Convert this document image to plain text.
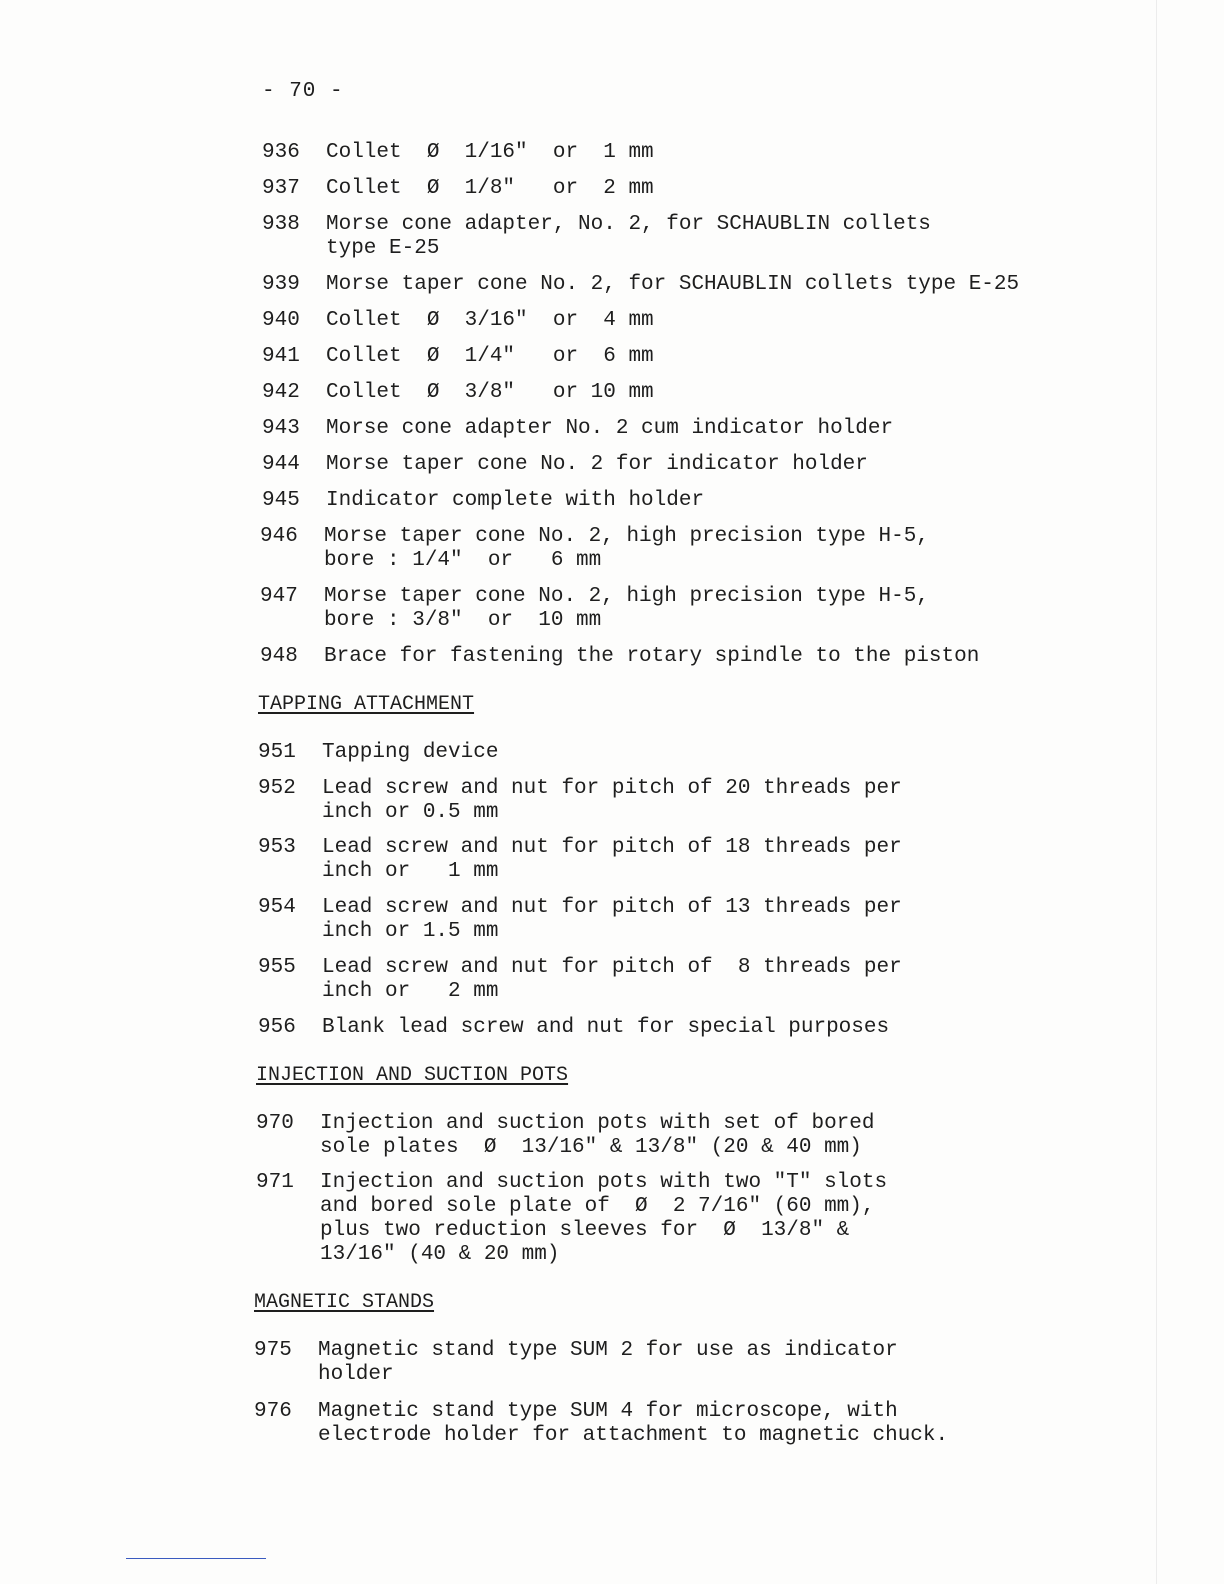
- 70 -
936	Collet  Ø  1/16"  or  1 mm
937	Collet  Ø  1/8"   or  2 mm
938	Morse cone adapter, No. 2, for SCHAUBLIN collets
type E-25
939	Morse taper cone No. 2, for SCHAUBLIN collets type E-25
940	Collet  Ø  3/16"  or  4 mm
941	Collet  Ø  1/4"   or  6 mm
942	Collet  Ø  3/8"   or 10 mm
943	Morse cone adapter No. 2 cum indicator holder
944	Morse taper cone No. 2 for indicator holder
945	Indicator complete with holder
946	Morse taper cone No. 2, high precision type H-5,
bore : 1/4"  or   6 mm
947	Morse taper cone No. 2, high precision type H-5,
bore : 3/8"  or  10 mm
948	Brace for fastening the rotary spindle to the piston
TAPPING ATTACHMENT
951	Tapping device
952	Lead screw and nut for pitch of 20 threads per
inch or 0.5 mm
953	Lead screw and nut for pitch of 18 threads per
inch or   1 mm
954	Lead screw and nut for pitch of 13 threads per
inch or 1.5 mm
955	Lead screw and nut for pitch of  8 threads per
inch or   2 mm
956	Blank lead screw and nut for special purposes
INJECTION AND SUCTION POTS
970	Injection and suction pots with set of bored
sole plates  Ø  13/16" & 13/8" (20 & 40 mm)
971	Injection and suction pots with two "T" slots
and bored sole plate of  Ø  2 7/16" (60 mm),
plus two reduction sleeves for  Ø  13/8" &
13/16" (40 & 20 mm)
MAGNETIC STANDS
975	Magnetic stand type SUM 2 for use as indicator
holder
976	Magnetic stand type SUM 4 for microscope, with
electrode holder for attachment to magnetic chuck.
